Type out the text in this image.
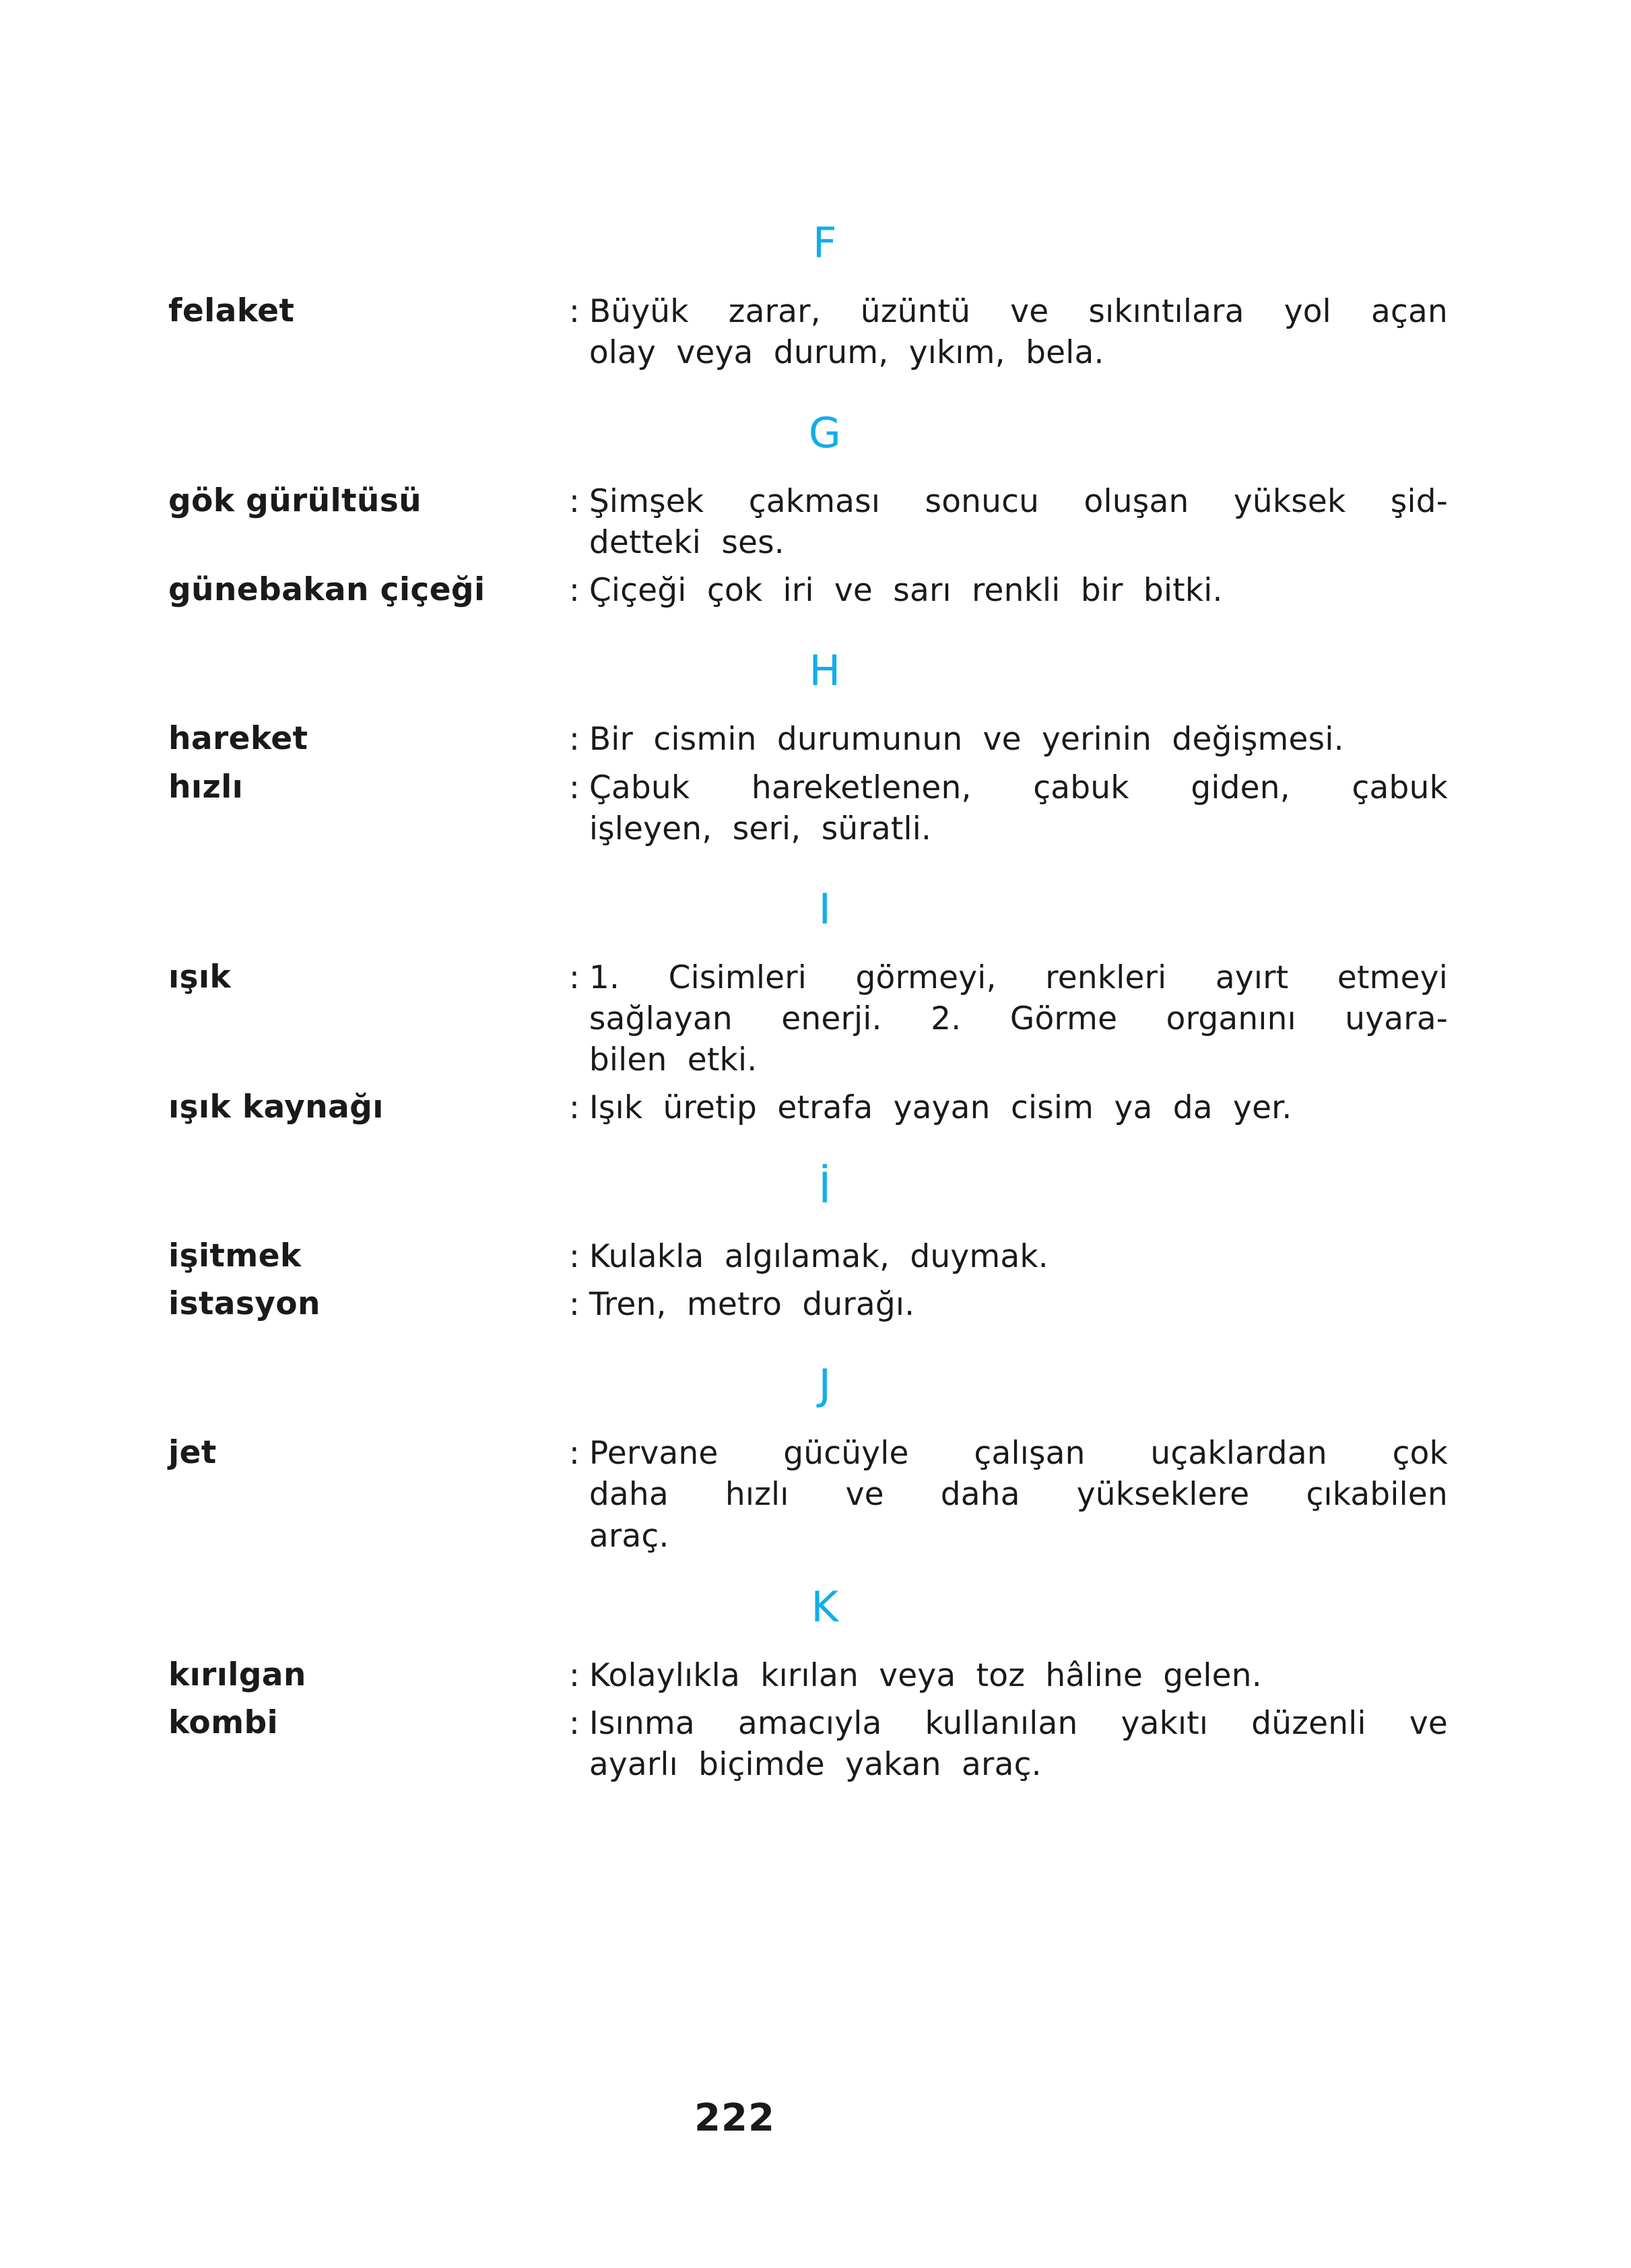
F
felaket	: Büyük  zarar,  üzüntü  ve  sıkıntılara  yol  açan
olay  veya  durum,  yıkım,  bela.
G
gök gürültüsü	: Şimşek  çakması  sonucu  oluşan  yüksek  şid-
detteki  ses.
günebakan çiçeği	: Çiçeği  çok  iri  ve  sarı  renkli  bir  bitki.
H
hareket	: Bir  cismin  durumunun  ve  yerinin  değişmesi.
hızlı	: Çabuk  hareketlenen,  çabuk  giden,  çabuk
işleyen,  seri,  süratli.
I
ışık	: 1.  Cisimleri  görmeyi,  renkleri  ayırt  etmeyi
sağlayan  enerji.  2.  Görme  organını  uyara-
bilen  etki.
ışık kaynağı	: Işık  üretip  etrafa  yayan  cisim  ya  da  yer.
İ
işitmek	: Kulakla  algılamak,  duymak.
istasyon	: Tren,  metro  durağı.
J
jet	: Pervane  gücüyle  çalışan  uçaklardan  çok
daha  hızlı  ve  daha  yükseklere  çıkabilen
araç.
K
kırılgan	: Kolaylıkla  kırılan  veya  toz  hâline  gelen.
kombi	: Isınma  amacıyla  kullanılan  yakıtı  düzenli  ve
ayarlı  biçimde  yakan  araç.
222
